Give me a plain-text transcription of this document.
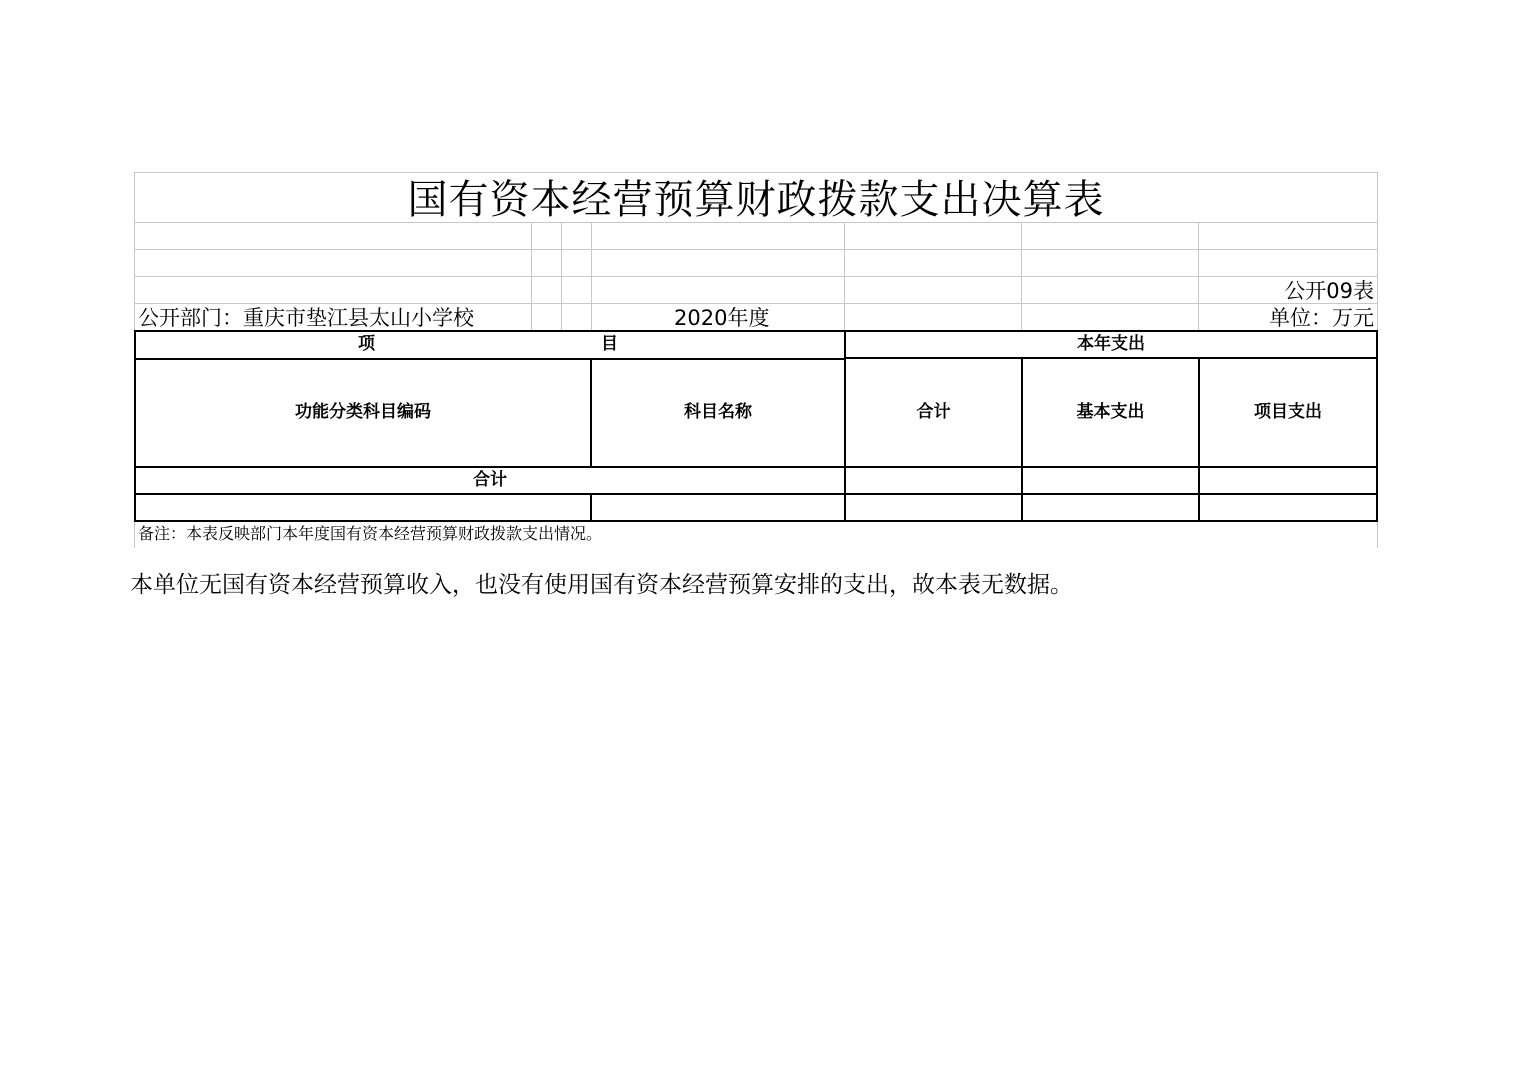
国有资本经营预算财政拨款支出决算表
公开09表
公开部门：重庆市垫江县太山小学校	2020年度	单位：万元
项	目	本年支出
功能分类科目编码	科目名称	合计	基本支出	项目支出
合计
备注：本表反映部门本年度国有资本经营预算财政拨款支出情况。
本单位无国有资本经营预算收入，也没有使用国有资本经营预算安排的支出，故本表无数据。
